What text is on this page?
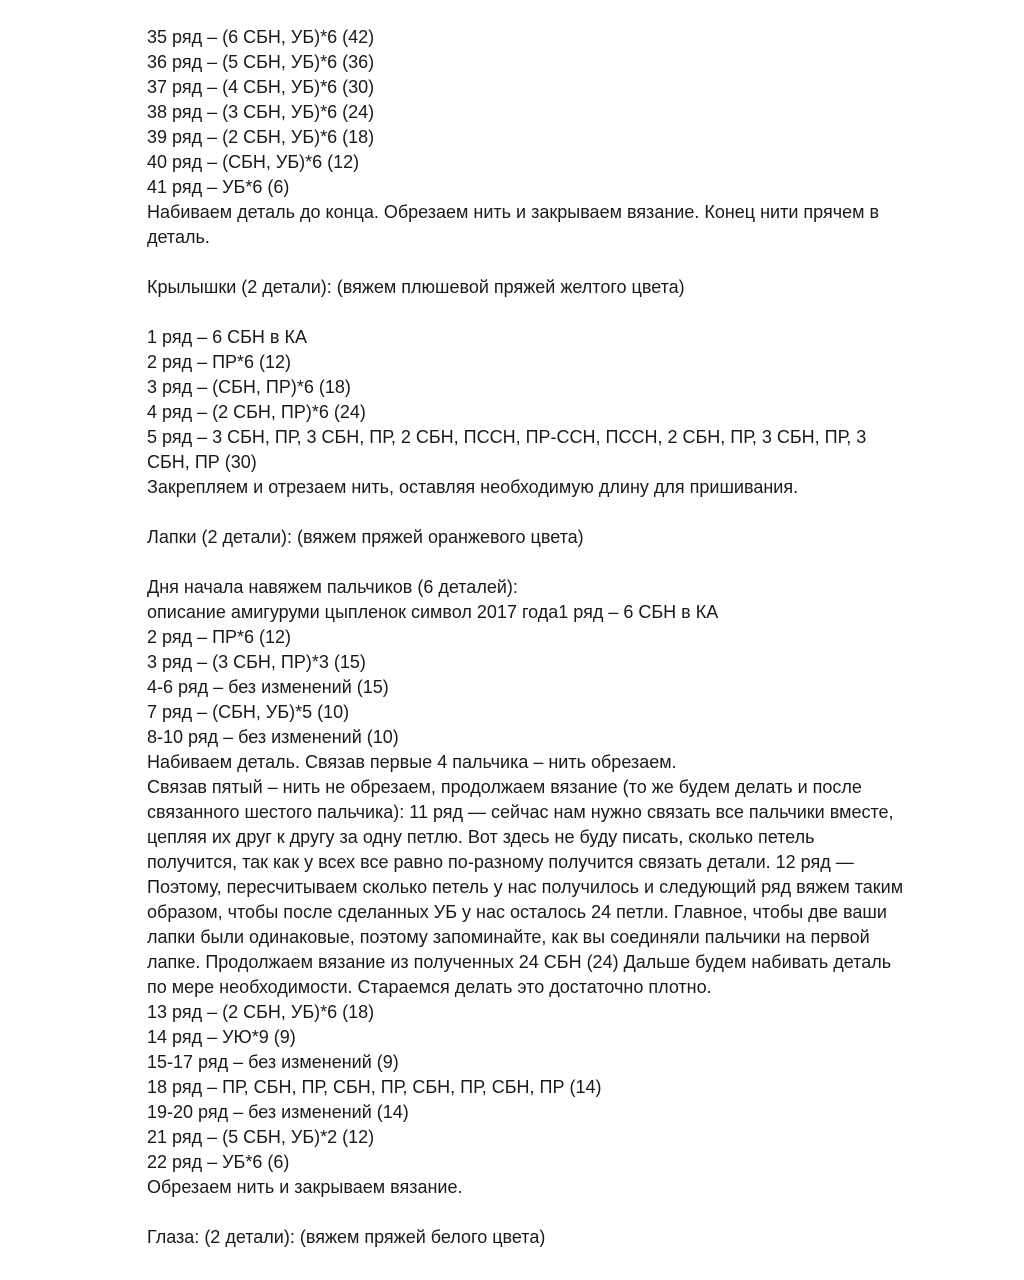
35 ряд – (6 СБН, УБ)*6 (42)
36 ряд – (5 СБН, УБ)*6 (36)
37 ряд – (4 СБН, УБ)*6 (30)
38 ряд – (3 СБН, УБ)*6 (24)
39 ряд – (2 СБН, УБ)*6 (18)
40 ряд – (СБН, УБ)*6 (12)
41 ряд – УБ*6 (6)
Набиваем деталь до конца. Обрезаем нить и закрываем вязание. Конец нити прячем в
деталь.
Крылышки (2 детали): (вяжем плюшевой пряжей желтого цвета)
1 ряд – 6 СБН в КА
2 ряд – ПР*6 (12)
3 ряд – (СБН, ПР)*6 (18)
4 ряд – (2 СБН, ПР)*6 (24)
5 ряд – 3 СБН, ПР, 3 СБН, ПР, 2 СБН, ПССН, ПР-ССН, ПССН, 2 СБН, ПР, 3 СБН, ПР, 3
СБН, ПР (30)
Закрепляем и отрезаем нить, оставляя необходимую длину для пришивания.
Лапки (2 детали): (вяжем пряжей оранжевого цвета)
Дня начала навяжем пальчиков (6 деталей):
описание амигуруми цыпленок символ 2017 года1 ряд – 6 СБН в КА
2 ряд – ПР*6 (12)
3 ряд – (3 СБН, ПР)*3 (15)
4-6 ряд – без изменений (15)
7 ряд – (СБН, УБ)*5 (10)
8-10 ряд – без изменений (10)
Набиваем деталь. Связав первые 4 пальчика – нить обрезаем.
Связав пятый – нить не обрезаем, продолжаем вязание (то же будем делать и после
связанного шестого пальчика): 11 ряд — сейчас нам нужно связать все пальчики вместе,
цепляя их друг к другу за одну петлю. Вот здесь не буду писать, сколько петель
получится, так как у всех все равно по-разному получится связать детали. 12 ряд —
Поэтому, пересчитываем сколько петель у нас получилось и следующий ряд вяжем таким
образом, чтобы после сделанных УБ у нас осталось 24 петли. Главное, чтобы две ваши
лапки были одинаковые, поэтому запоминайте, как вы соединяли пальчики на первой
лапке. Продолжаем вязание из полученных 24 СБН (24) Дальше будем набивать деталь
по мере необходимости. Стараемся делать это достаточно плотно.
13 ряд – (2 СБН, УБ)*6 (18)
14 ряд – УЮ*9 (9)
15-17 ряд – без изменений (9)
18 ряд – ПР, СБН, ПР, СБН, ПР, СБН, ПР, СБН, ПР (14)
19-20 ряд – без изменений (14)
21 ряд – (5 СБН, УБ)*2 (12)
22 ряд – УБ*6 (6)
Обрезаем нить и закрываем вязание.
Глаза: (2 детали): (вяжем пряжей белого цвета)
